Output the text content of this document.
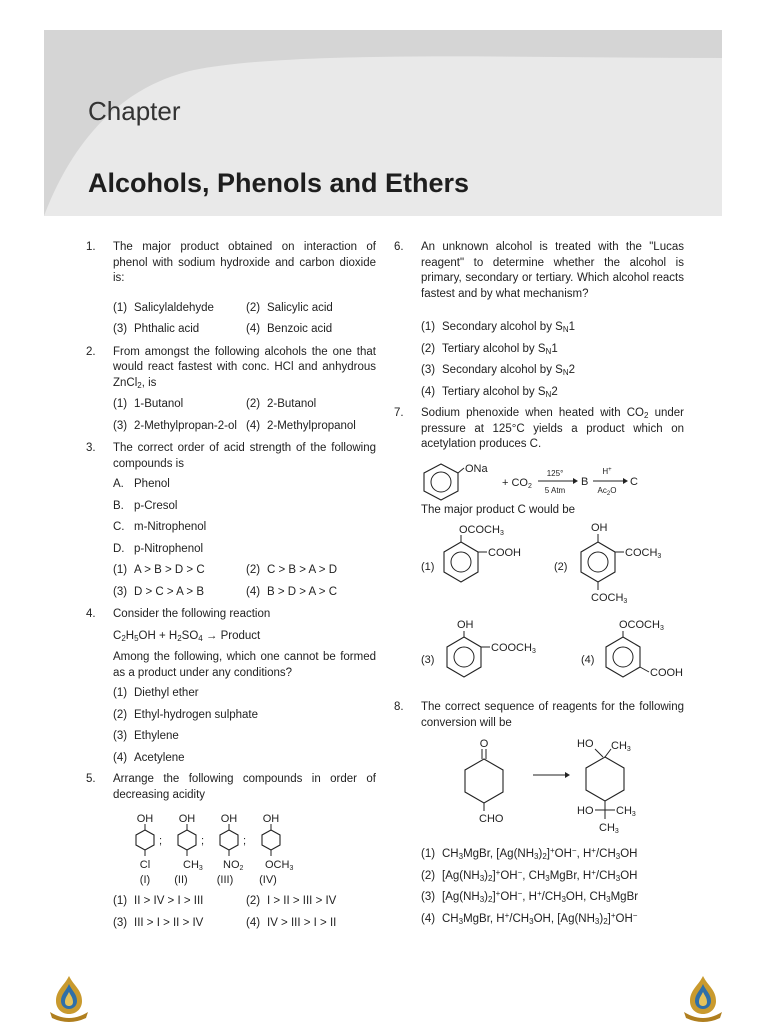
Chapter
Alcohols, Phenols and Ethers
1. The major product obtained on interaction of phenol with sodium hydroxide and carbon dioxide is:
(1) Salicylaldehyde	(2) Salicylic acid
(3) Phthalic acid	(4) Benzoic acid
2. From amongst the following alcohols the one that would react fastest with conc. HCl and anhydrous ZnCl$_2$, is
(1) 1-Butanol	(2) 2-Butanol
(3) 2-Methylpropan-2-ol (4) 2-Methylpropanol
3. The correct order of acid strength of the following compounds is
A. Phenol
B. p-Cresol
C. m-Nitrophenol
D. p-Nitrophenol
(1) A > B > D > C	(2) C > B > A > D
(3) D > C > A > B	(4) B > D > A > C
4. Consider the following reaction
$C_2H_5OH + H_2SO_4$ → Product
Among the following, which one cannot be formed as a product under any conditions?
(1) Diethyl ether
(2) Ethyl-hydrogen sulphate
(3) Ethylene
(4) Acetylene
5. Arrange the following compounds in order of decreasing acidity
OH
Cl
(I)
;
OH
CH3
(II)
;
OH
NO2
(III)
;
OH
OCH3
(IV)
(1) II > IV > I > III	(2) I > II > III > IV
(3) III > I > II > IV	(4) IV > III > I > II
6. An unknown alcohol is treated with the "Lucas reagent" to determine whether the alcohol is primary, secondary or tertiary. Which alcohol reacts fastest and by what mechanism?
(1) Secondary alcohol by $S_N1$
(2) Tertiary alcohol by $S_N1$
(3) Secondary alcohol by $S_N2$
(4) Tertiary alcohol by $S_N2$
7. Sodium phenoxide when heated with $CO_2$ under pressure at 125°C yields a product which on acetylation produces C.
ONa
+ CO2
125°
5 Atm
B
H+
$Ac_2O$
C
The major product C would be
(1)
OCOCH3
COOH
(2)
OH
COCH3
COCH3
(3)
OH
COOCH3
(4)
OCOCH3
COOH
8. The correct sequence of reagents for the following conversion will be
O
CHO
HO CH3
HO CH3
CH3
(1) $CH_3MgBr$, $[Ag(NH_3)_2]^+OH^-$, $H^+/CH_3OH$
(2) $[Ag(NH_3)_2]^+OH^-$, $CH_3MgBr$, $H^+/CH_3OH$
(3) $[Ag(NH_3)_2]^+OH^-$, $H^+/CH_3OH$, $CH_3MgBr$
(4) $CH_3MgBr$, $H^+/CH_3OH$, $[Ag(NH_3)_2]^+OH^-$
